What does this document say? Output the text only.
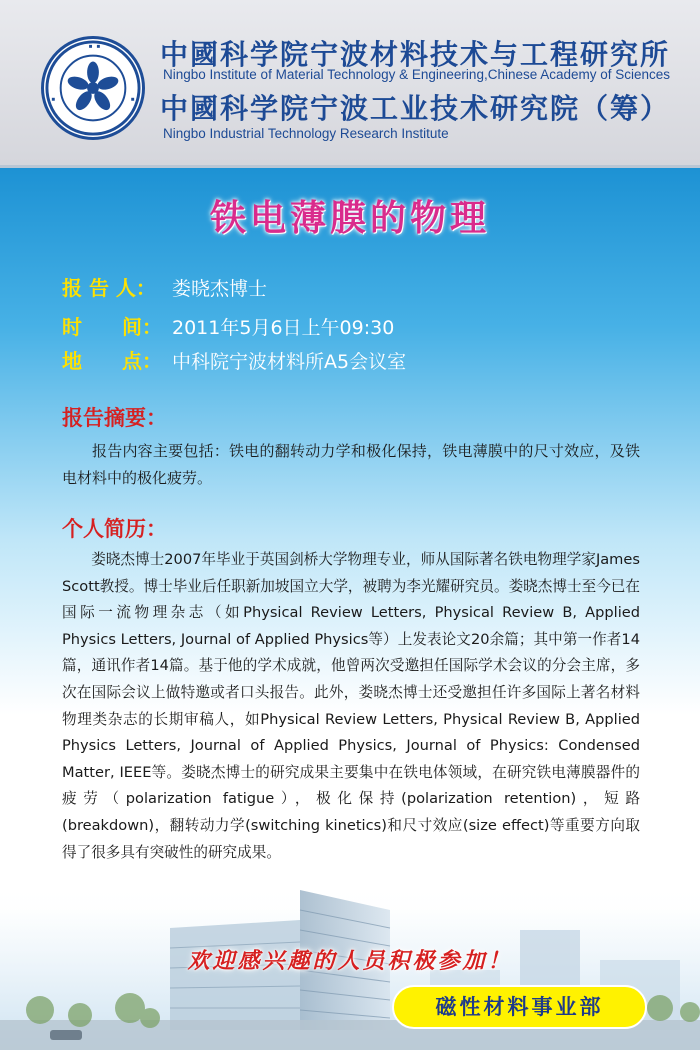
中國科学院宁波材料技术与工程研究所
Ningbo Institute of Material Technology & Engineering,Chinese Academy of Sciences
中國科学院宁波工业技术研究院（筹）
Ningbo Industrial Technology Research Institute
铁电薄膜的物理
报 告 人： 娄晓杰博士
时　　间： 2011年5月6日上午09:30
地　　点： 中科院宁波材料所A5会议室
报告摘要：
报告内容主要包括：铁电的翻转动力学和极化保持，铁电薄膜中的尺寸效应，及铁电材料中的极化疲劳。
个人简历：
娄晓杰博士2007年毕业于英国剑桥大学物理专业，师从国际著名铁电物理学家James Scott教授。博士毕业后任职新加坡国立大学，被聘为李光耀研究员。娄晓杰博士至今已在国际一流物理杂志（如Physical Review Letters, Physical Review B, Applied Physics Letters, Journal of Applied Physics等）上发表论文20余篇；其中第一作者14篇，通讯作者14篇。基于他的学术成就，他曾两次受邀担任国际学术会议的分会主席，多次在国际会议上做特邀或者口头报告。此外，娄晓杰博士还受邀担任许多国际上著名材料物理类杂志的长期审稿人，如Physical Review Letters, Physical Review B, Applied Physics Letters, Journal of Applied Physics, Journal of Physics: Condensed Matter, IEEE等。娄晓杰博士的研究成果主要集中在铁电体领域，在研究铁电薄膜器件的疲劳（polarization fatigue），极化保持(polarization retention)，短路(breakdown)，翻转动力学(switching kinetics)和尺寸效应(size effect)等重要方向取得了很多具有突破性的研究成果。
欢迎感兴趣的人员积极参加！
磁性材料事业部
